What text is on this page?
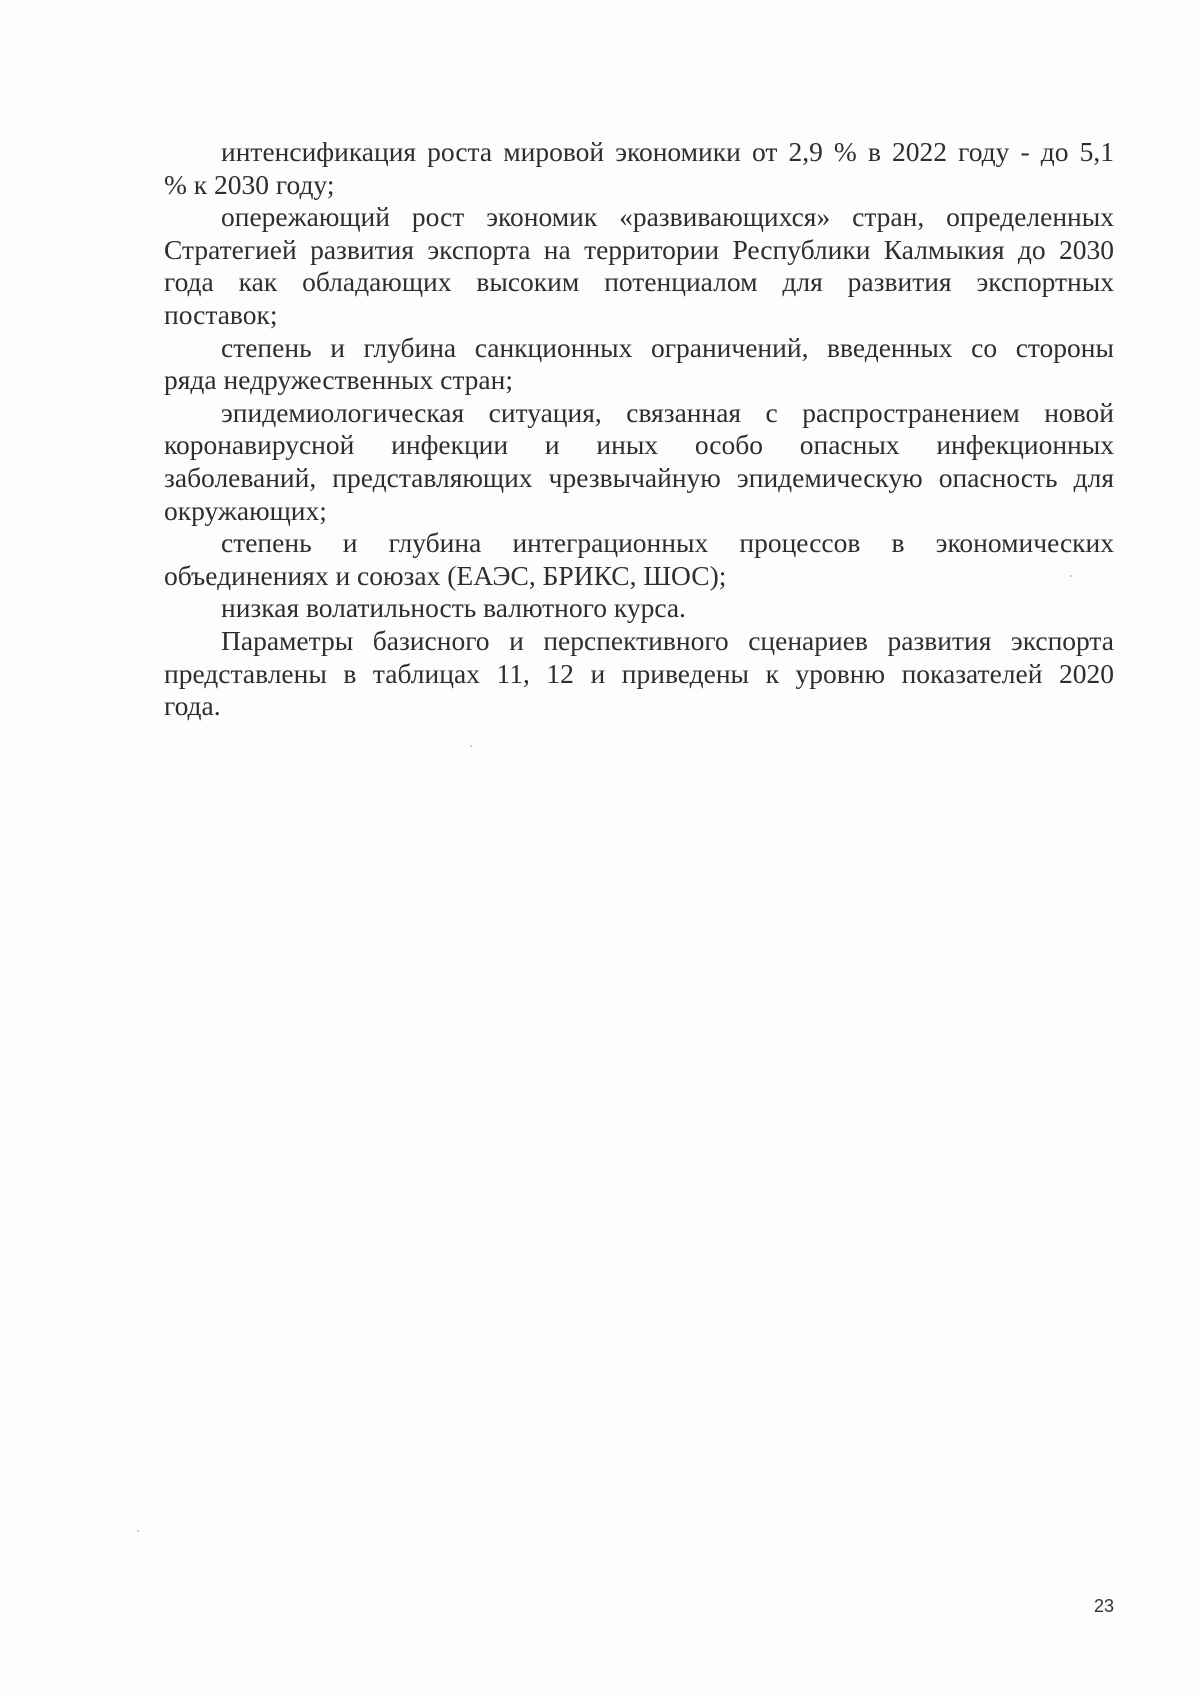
интенсификация роста мировой экономики от 2,9 % в 2022 году - до 5,1
% к 2030 году;
опережающий рост экономик «развивающихся» стран, определенных
Стратегией развития экспорта на территории Республики Калмыкия до 2030
года как обладающих высоким потенциалом для развития экспортных
поставок;
степень и глубина санкционных ограничений, введенных со стороны
ряда недружественных стран;
эпидемиологическая ситуация, связанная с распространением новой
коронавирусной инфекции и иных особо опасных инфекционных
заболеваний, представляющих чрезвычайную эпидемическую опасность для
окружающих;
степень и глубина интеграционных процессов в экономических
объединениях и союзах (ЕАЭС, БРИКС, ШОС);
низкая волатильность валютного курса.
Параметры базисного и перспективного сценариев развития экспорта
представлены в таблицах 11, 12 и приведены к уровню показателей 2020
года.
23
